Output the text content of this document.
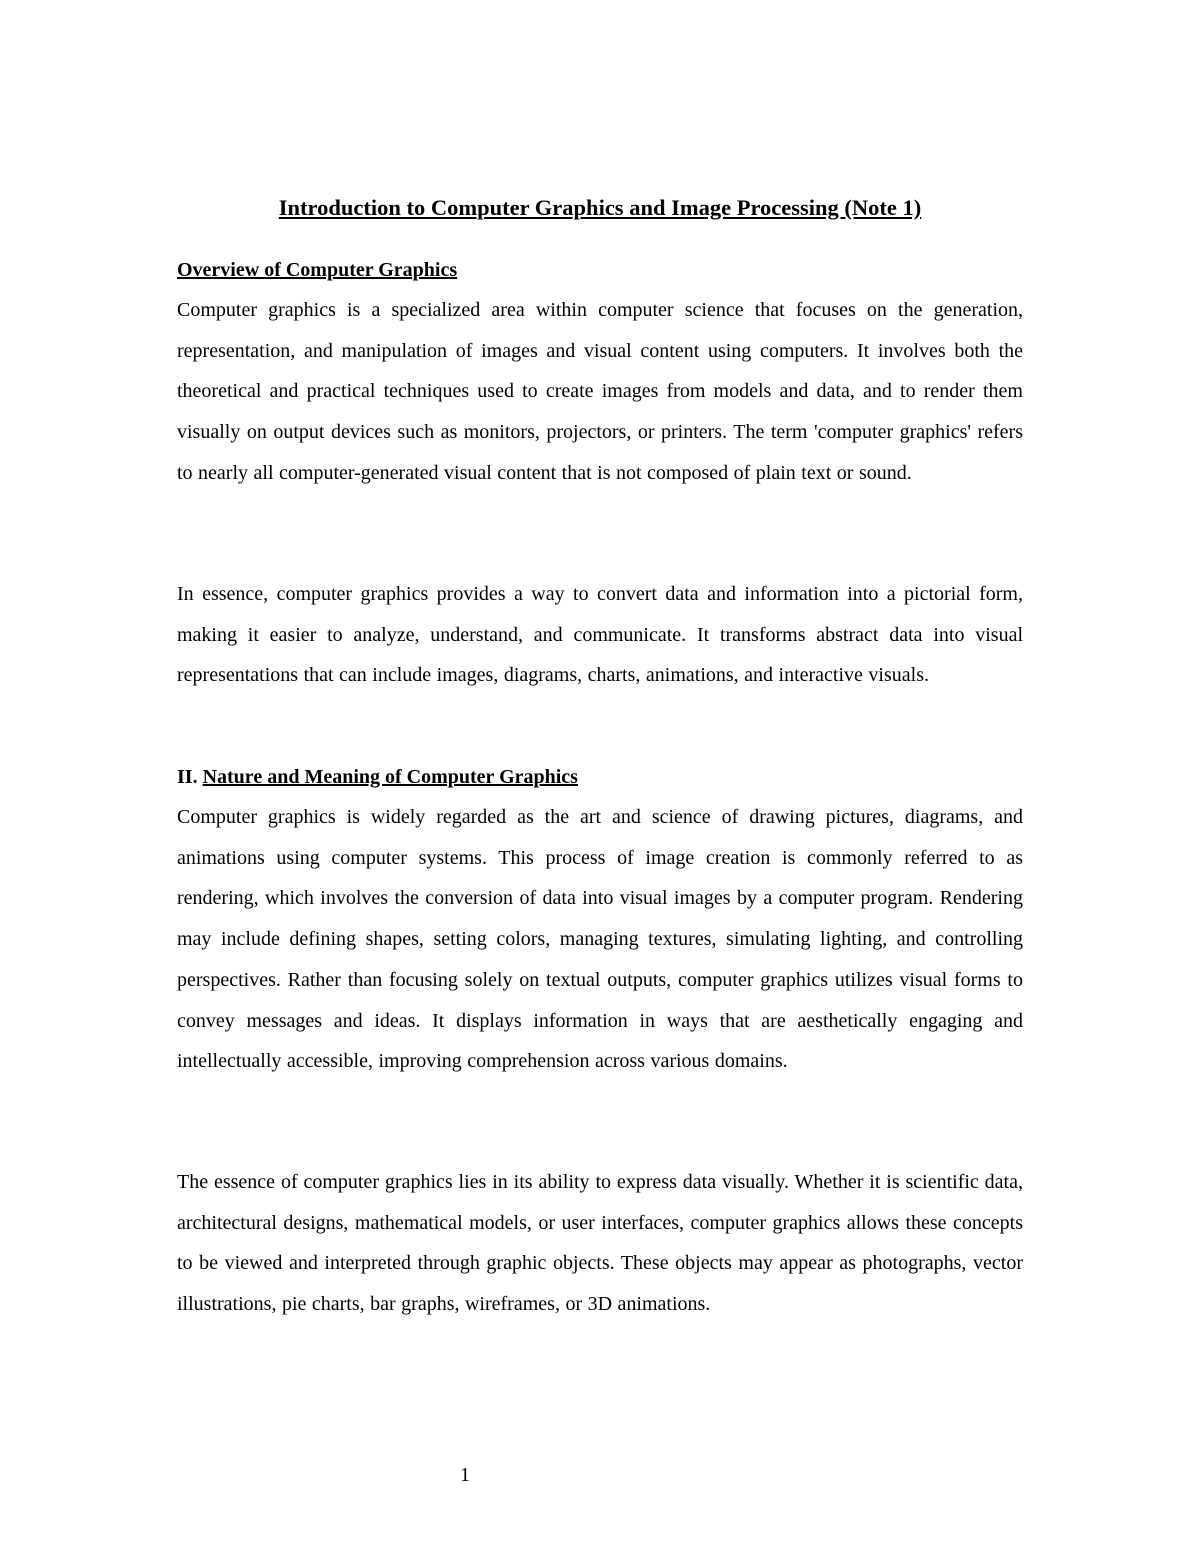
Introduction to Computer Graphics and Image Processing (Note 1)
Overview of Computer Graphics

Computer graphics is a specialized area within computer science that focuses on the generation, representation, and manipulation of images and visual content using computers. It involves both the theoretical and practical techniques used to create images from models and data, and to render them visually on output devices such as monitors, projectors, or printers. The term 'computer graphics' refers to nearly all computer-generated visual content that is not composed of plain text or sound.

In essence, computer graphics provides a way to convert data and information into a pictorial form, making it easier to analyze, understand, and communicate. It transforms abstract data into visual representations that can include images, diagrams, charts, animations, and interactive visuals.

II. Nature and Meaning of Computer Graphics

Computer graphics is widely regarded as the art and science of drawing pictures, diagrams, and animations using computer systems. This process of image creation is commonly referred to as rendering, which involves the conversion of data into visual images by a computer program. Rendering may include defining shapes, setting colors, managing textures, simulating lighting, and controlling perspectives. Rather than focusing solely on textual outputs, computer graphics utilizes visual forms to convey messages and ideas. It displays information in ways that are aesthetically engaging and intellectually accessible, improving comprehension across various domains.

The essence of computer graphics lies in its ability to express data visually. Whether it is scientific data, architectural designs, mathematical models, or user interfaces, computer graphics allows these concepts to be viewed and interpreted through graphic objects. These objects may appear as photographs, vector illustrations, pie charts, bar graphs, wireframes, or 3D animations.

1
